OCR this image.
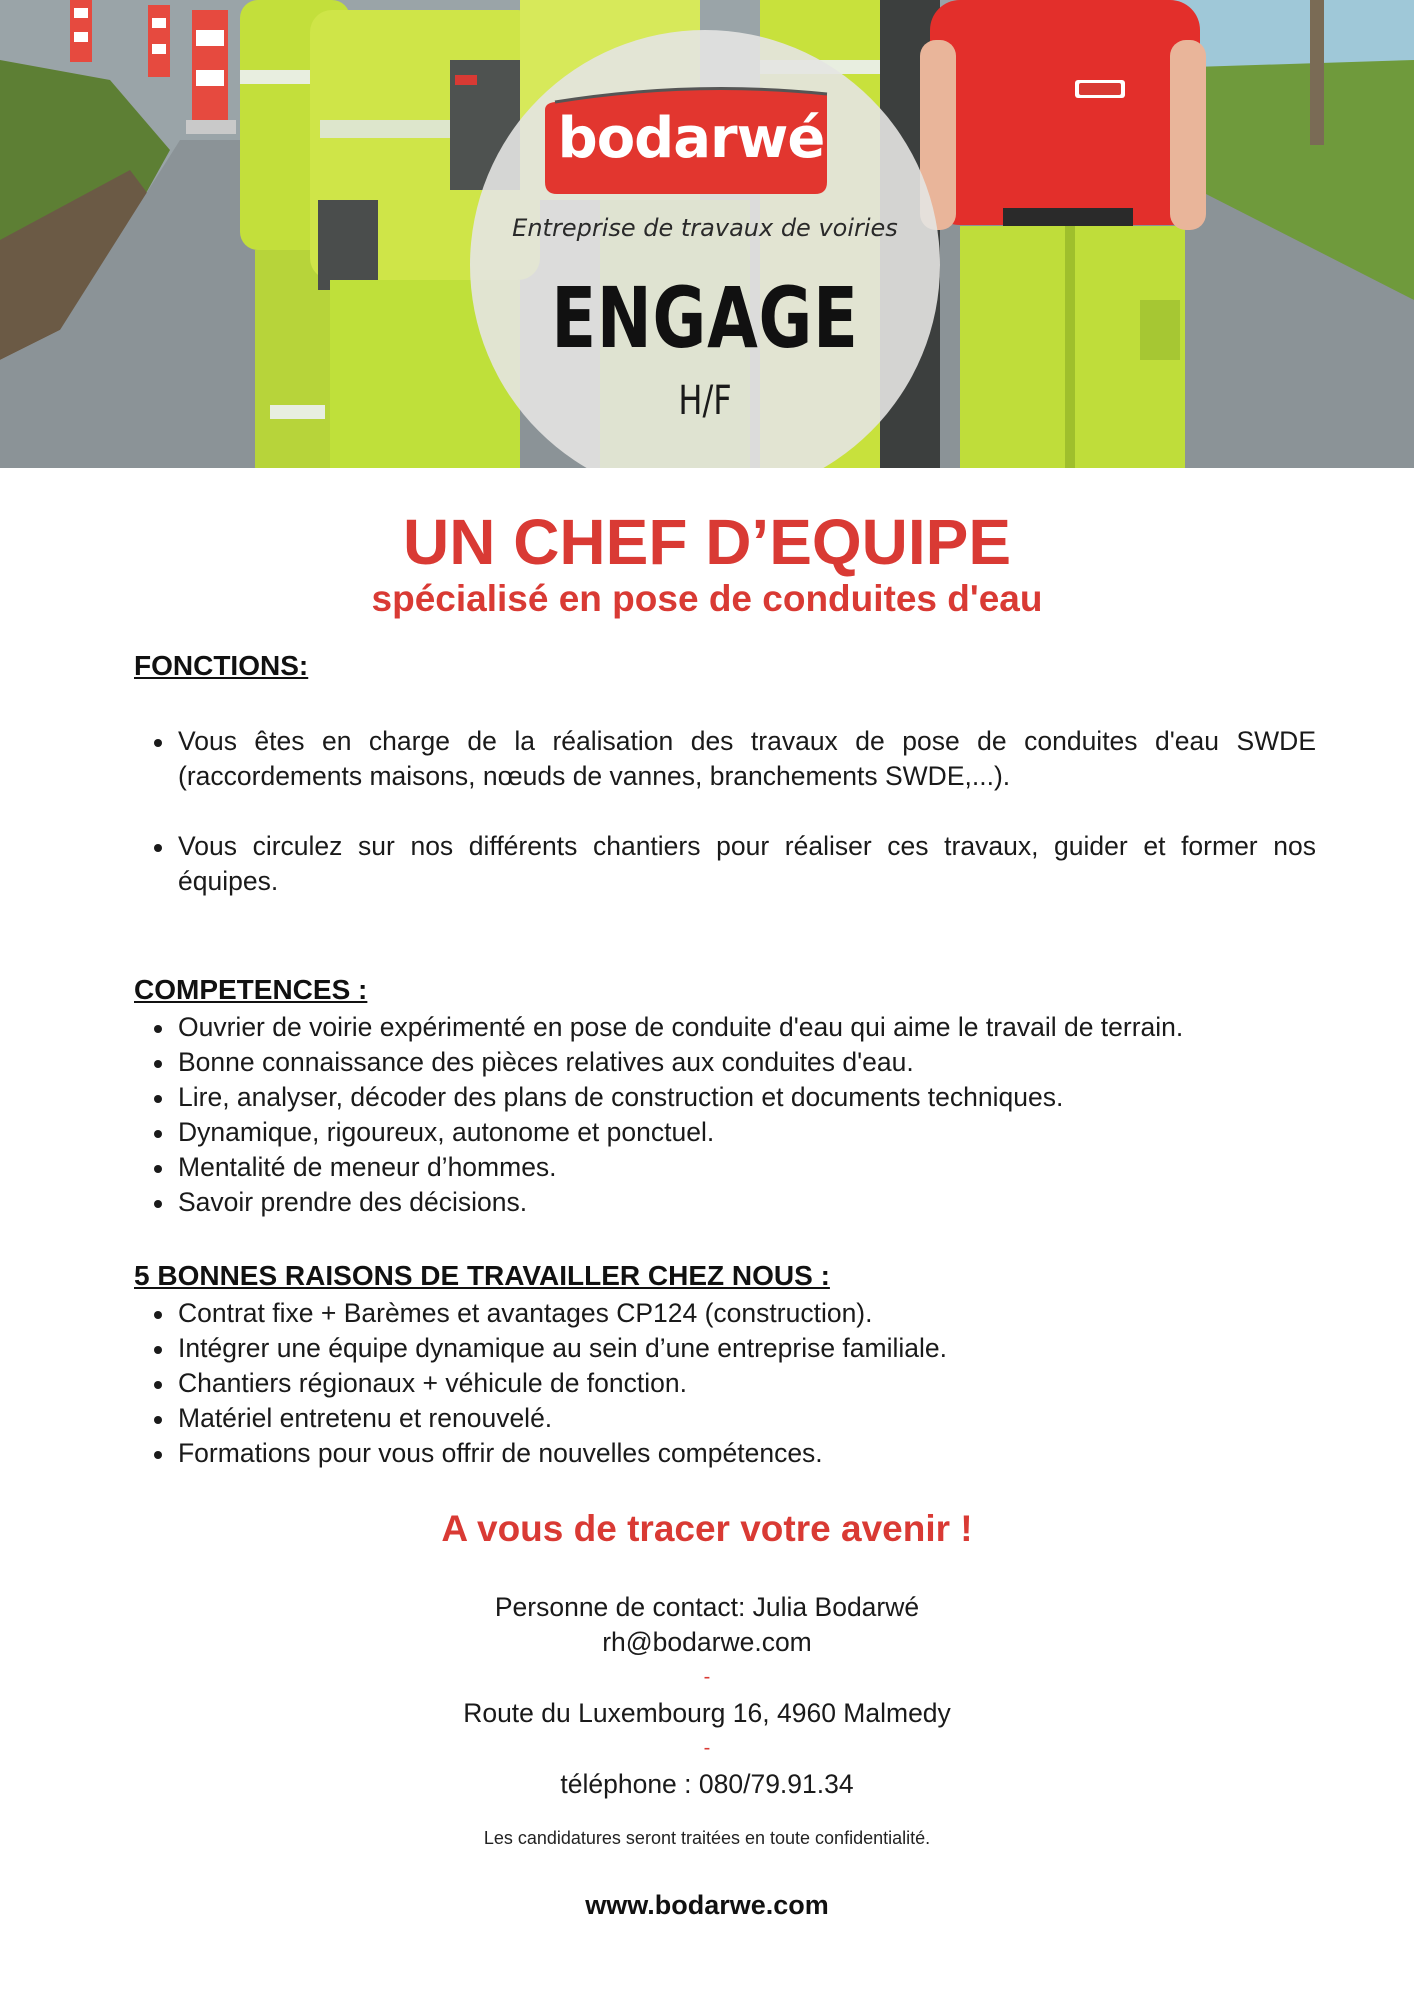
bodarwé
Entreprise de travaux de voiries
ENGAGE
H/F
UN CHEF D’EQUIPE
spécialisé en pose de conduites d'eau
FONCTIONS:
Vous êtes en charge de la réalisation des travaux de pose de conduites d'eau SWDE (raccordements maisons, nœuds de vannes, branchements SWDE,...).
Vous circulez sur nos différents chantiers pour réaliser ces travaux, guider et former nos équipes.
COMPETENCES :
Ouvrier de voirie expérimenté en pose de conduite d'eau qui aime le travail de terrain.
Bonne connaissance des pièces relatives aux conduites d'eau.
Lire, analyser, décoder des plans de construction et documents techniques.
Dynamique, rigoureux, autonome et ponctuel.
Mentalité de meneur d’hommes.
Savoir prendre des décisions.
5 BONNES RAISONS DE TRAVAILLER CHEZ NOUS :
Contrat fixe + Barèmes et avantages CP124 (construction).
Intégrer une équipe dynamique au sein d’une entreprise familiale.
Chantiers régionaux + véhicule de fonction.
Matériel entretenu et renouvelé.
Formations pour vous offrir de nouvelles compétences.
A vous de tracer votre avenir !
Personne de contact: Julia Bodarwé
rh@bodarwe.com
-
Route du Luxembourg 16, 4960 Malmedy
-
téléphone : 080/79.91.34
Les candidatures seront traitées en toute confidentialité.
www.bodarwe.com
